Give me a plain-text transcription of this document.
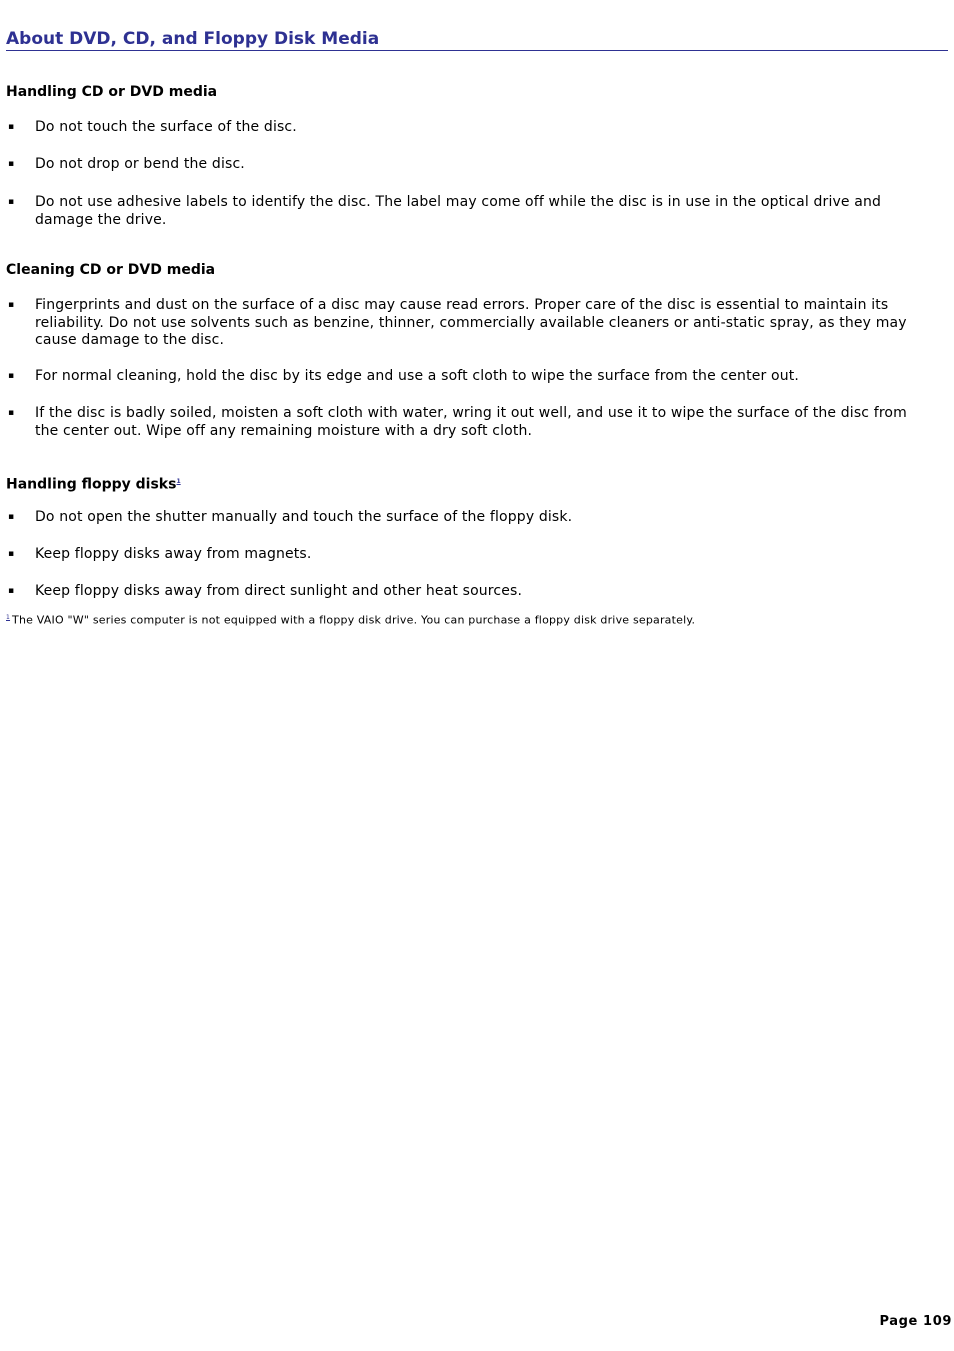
About DVD, CD, and Floppy Disk Media
Handling CD or DVD media
▪ Do not touch the surface of the disc.
▪ Do not drop or bend the disc.
▪ Do not use adhesive labels to identify the disc. The label may come off while the disc is in use in the optical drive and damage the drive.
Cleaning CD or DVD media
▪ Fingerprints and dust on the surface of a disc may cause read errors. Proper care of the disc is essential to maintain its reliability. Do not use solvents such as benzine, thinner, commercially available cleaners or anti-static spray, as they may cause damage to the disc.
▪ For normal cleaning, hold the disc by its edge and use a soft cloth to wipe the surface from the center out.
▪ If the disc is badly soiled, moisten a soft cloth with water, wring it out well, and use it to wipe the surface of the disc from the center out. Wipe off any remaining moisture with a dry soft cloth.
Handling floppy disks$^1$
▪ Do not open the shutter manually and touch the surface of the floppy disk.
▪ Keep floppy disks away from magnets.
▪ Keep floppy disks away from direct sunlight and other heat sources.
$^1$ The VAIO "W" series computer is not equipped with a floppy disk drive. You can purchase a floppy disk drive separately.
Page 109
